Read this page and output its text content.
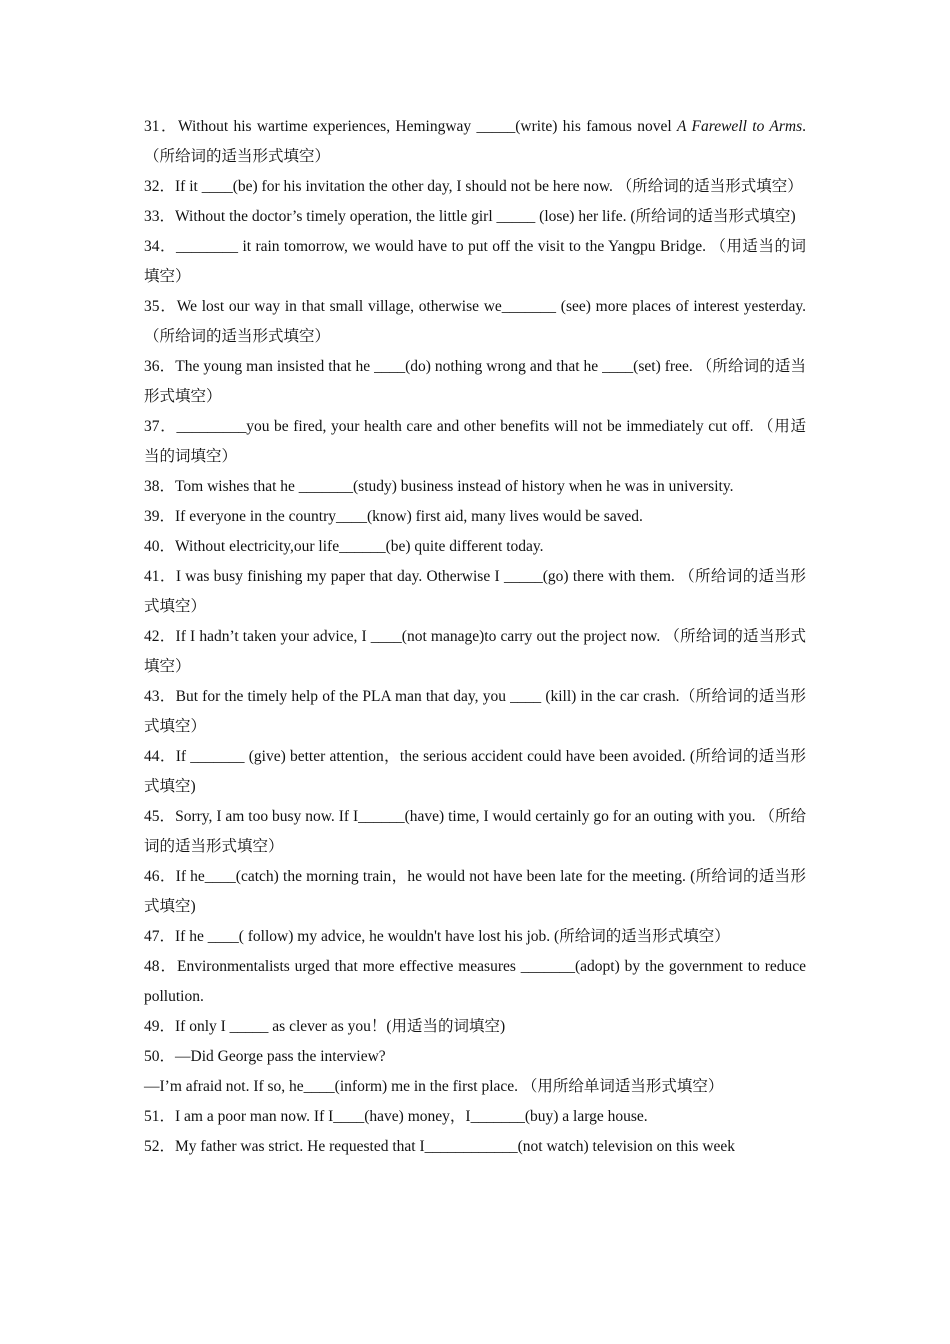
31．Without his wartime experiences, Hemingway _____(write) his famous novel A Farewell to Arms.（所给词的适当形式填空）

32．If it ____(be) for his invitation the other day, I should not be here now. （所给词的适当形式填空）

33．Without the doctor’s timely operation, the little girl _____ (lose) her life. (所给词的适当形式填空)

34．________ it rain tomorrow, we would have to put off the visit to the Yangpu Bridge. （用适当的词填空）

35．We lost our way in that small village, otherwise we_______ (see) more places of interest yesterday. （所给词的适当形式填空）

36．The young man insisted that he ____(do) nothing wrong and that he ____(set) free. （所给词的适当形式填空）

37．_________you be fired, your health care and other benefits will not be immediately cut off. （用适当的词填空）

38．Tom wishes that he _______(study) business instead of history when he was in university.

39．If everyone in the country____(know) first aid, many lives would be saved.

40．Without electricity,our life______(be) quite different today.

41．I was busy finishing my paper that day. Otherwise I _____(go) there with them. （所给词的适当形式填空）

42．If I hadn’t taken your advice, I ____(not manage)to carry out the project now. （所给词的适当形式填空）

43．But for the timely help of the PLA man that day, you ____ (kill) in the car crash.（所给词的适当形式填空）

44．If _______ (give) better attention，the serious accident could have been avoided. (所给词的适当形式填空)

45．Sorry, I am too busy now. If I______(have) time, I would certainly go for an outing with you. （所给词的适当形式填空）

46．If he____(catch) the morning train，he would not have been late for the meeting. (所给词的适当形式填空)

47．If he ____( follow) my advice, he wouldn't have lost his job. (所给词的适当形式填空）

48．Environmentalists urged that more effective measures _______(adopt) by the government to reduce pollution.

49．If only I _____ as clever as you！(用适当的词填空)

50．—Did George pass the interview?

—I’m afraid not. If so, he____(inform) me in the first place. （用所给单词适当形式填空）

51．I am a poor man now. If I____(have) money，I_______(buy) a large house.

52．My father was strict. He requested that I____________(not watch) television on this week
